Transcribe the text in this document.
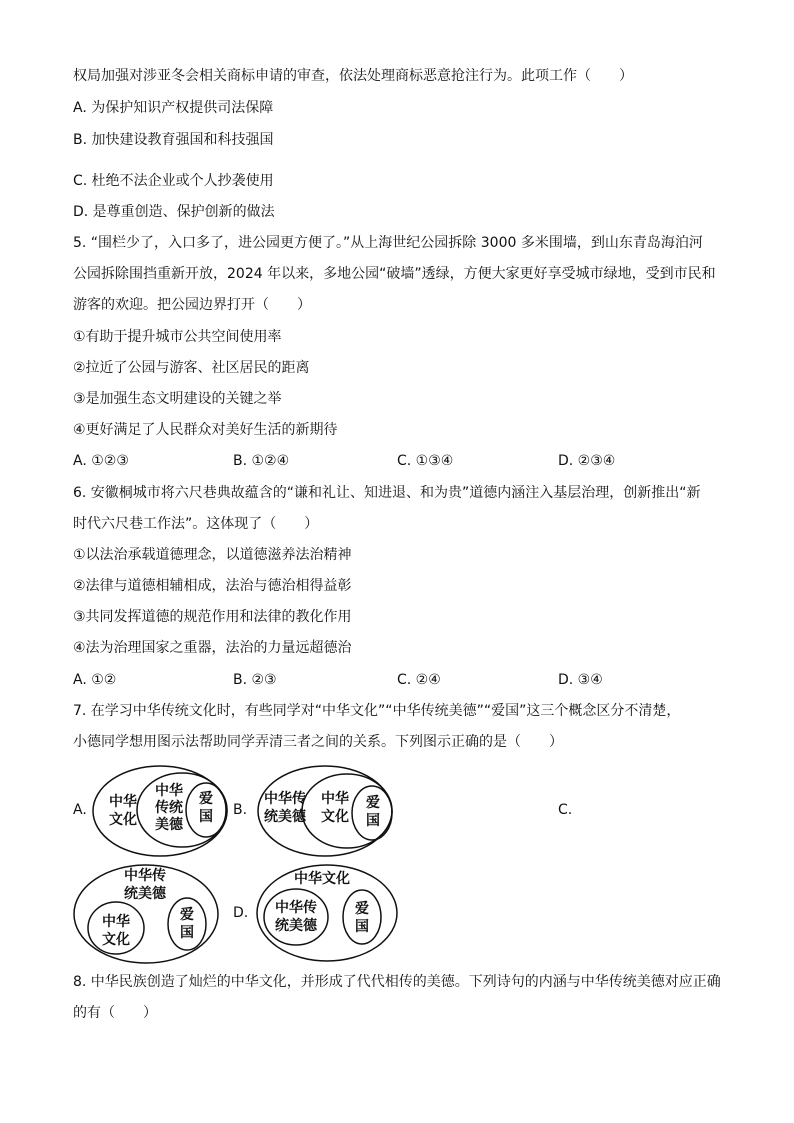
权局加强对涉亚冬会相关商标申请的审查，依法处理商标恶意抢注行为。此项工作（　　）
A. 为保护知识产权提供司法保障
B. 加快建设教育强国和科技强国
C. 杜绝不法企业或个人抄袭使用
D. 是尊重创造、保护创新的做法
5. “围栏少了，入口多了，进公园更方便了。”从上海世纪公园拆除 3000 多米围墙，到山东青岛海泊河
公园拆除围挡重新开放，2024 年以来，多地公园“破墙”透绿，方便大家更好享受城市绿地，受到市民和
游客的欢迎。把公园边界打开（　　）
①有助于提升城市公共空间使用率
②拉近了公园与游客、社区居民的距离
③是加强生态文明建设的关键之举
④更好满足了人民群众对美好生活的新期待
A. ①②③	B. ①②④	C. ①③④	D. ②③④
6. 安徽桐城市将六尺巷典故蕴含的“谦和礼让、知进退、和为贵”道德内涵注入基层治理，创新推出“新
时代六尺巷工作法”。这体现了（　　）
①以法治承载道德理念，以道德滋养法治精神
②法律与道德相辅相成，法治与德治相得益彰
③共同发挥道德的规范作用和法律的教化作用
④法为治理国家之重器，法治的力量远超德治
A. ①②	B. ②③	C. ②④	D. ③④
7. 在学习中华传统文化时，有些同学对“中华文化”“中华传统美德”“爱国”这三个概念区分不清楚，
小德同学想用图示法帮助同学弄清三者之间的关系。下列图示正确的是（　　）
A.	B.	C.
D.
中华文化
中华传统美德
爱国
中华传统美德
中华文化
爱国
中华传统美德
中华文化
爱国
中华文化
中华传统美德
爱国
8. 中华民族创造了灿烂的中华文化，并形成了代代相传的美德。下列诗句的内涵与中华传统美德对应正确
的有（　　）
